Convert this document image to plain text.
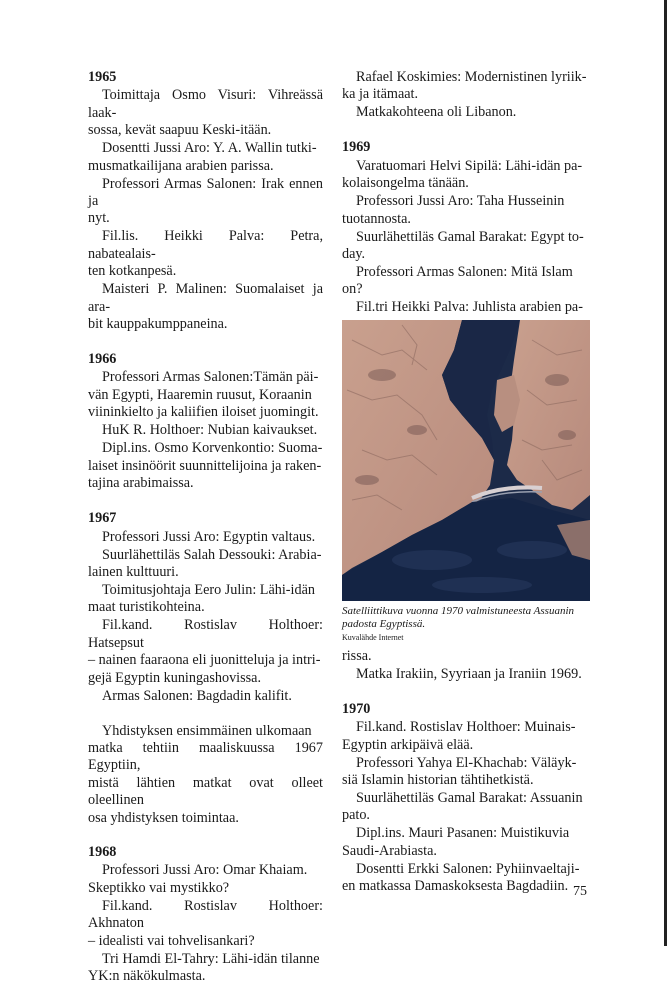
1965
Toimittaja Osmo Visuri: Vihreässä laak-
sossa, kevät saapuu Keski-itään.
Dosentti Jussi Aro: Y. A. Wallin tutki-
musmatkailijana arabien parissa.
Professori Armas Salonen: Irak ennen ja
nyt.
Fil.lis. Heikki Palva: Petra, nabatealais-
ten kotkanpesä.
Maisteri P. Malinen: Suomalaiset ja ara-
bit kauppakumppaneina.
1966
Professori Armas Salonen:Tämän päi-
vän Egypti, Haaremin ruusut, Koraanin
viininkielto ja kaliifien iloiset juomingit.
HuK R. Holthoer: Nubian kaivaukset.
Dipl.ins. Osmo Korvenkontio: Suoma-
laiset insinöörit suunnittelijoina ja raken-
tajina arabimaissa.
1967
Professori Jussi Aro: Egyptin valtaus.
Suurlähettiläs Salah Dessouki: Arabia-
lainen kulttuuri.
Toimitusjohtaja Eero Julin: Lähi-idän
maat turistikohteina.
Fil.kand. Rostislav Holthoer: Hatsepsut
– nainen faaraona eli juonitteluja ja intri-
gejä Egyptin kuningashovissa.
Armas Salonen: Bagdadin kalifit.
Yhdistyksen ensimmäinen ulkomaan
matka tehtiin maaliskuussa 1967 Egyptiin,
mistä lähtien matkat ovat olleet oleellinen
osa yhdistyksen toimintaa.
1968
Professori Jussi Aro: Omar Khaiam.
Skeptikko vai mystikko?
Fil.kand. Rostislav Holthoer: Akhnaton
– idealisti vai tohvelisankari?
Tri Hamdi El-Tahry: Lähi-idän tilanne
YK:n näkökulmasta.
Rafael Koskimies: Modernistinen lyriik-
ka ja itämaat.
Matkakohteena oli Libanon.
1969
Varatuomari Helvi Sipilä: Lähi-idän pa-
kolaisongelma tänään.
Professori Jussi Aro: Taha Husseinin
tuotannosta.
Suurlähettiläs Gamal Barakat: Egypt to-
day.
Professori Armas Salonen: Mitä Islam
on?
Fil.tri Heikki Palva: Juhlista arabien pa-
Satelliittikuva vuonna 1970 valmistuneesta Assuanin
padosta Egyptissä.
Kuvalähde Internet
rissa.
Matka Irakiin, Syyriaan ja Iraniin 1969.
1970
Fil.kand. Rostislav Holthoer: Muinais-
Egyptin arkipäivä elää.
Professori Yahya El-Khachab: Väläyk-
siä Islamin historian tähtihetkistä.
Suurlähettiläs Gamal Barakat: Assuanin
pato.
Dipl.ins. Mauri Pasanen: Muistikuvia
Saudi-Arabiasta.
Dosentti Erkki Salonen: Pyhiinvaeltaji-
en matkassa Damaskoksesta Bagdadiin. 75
